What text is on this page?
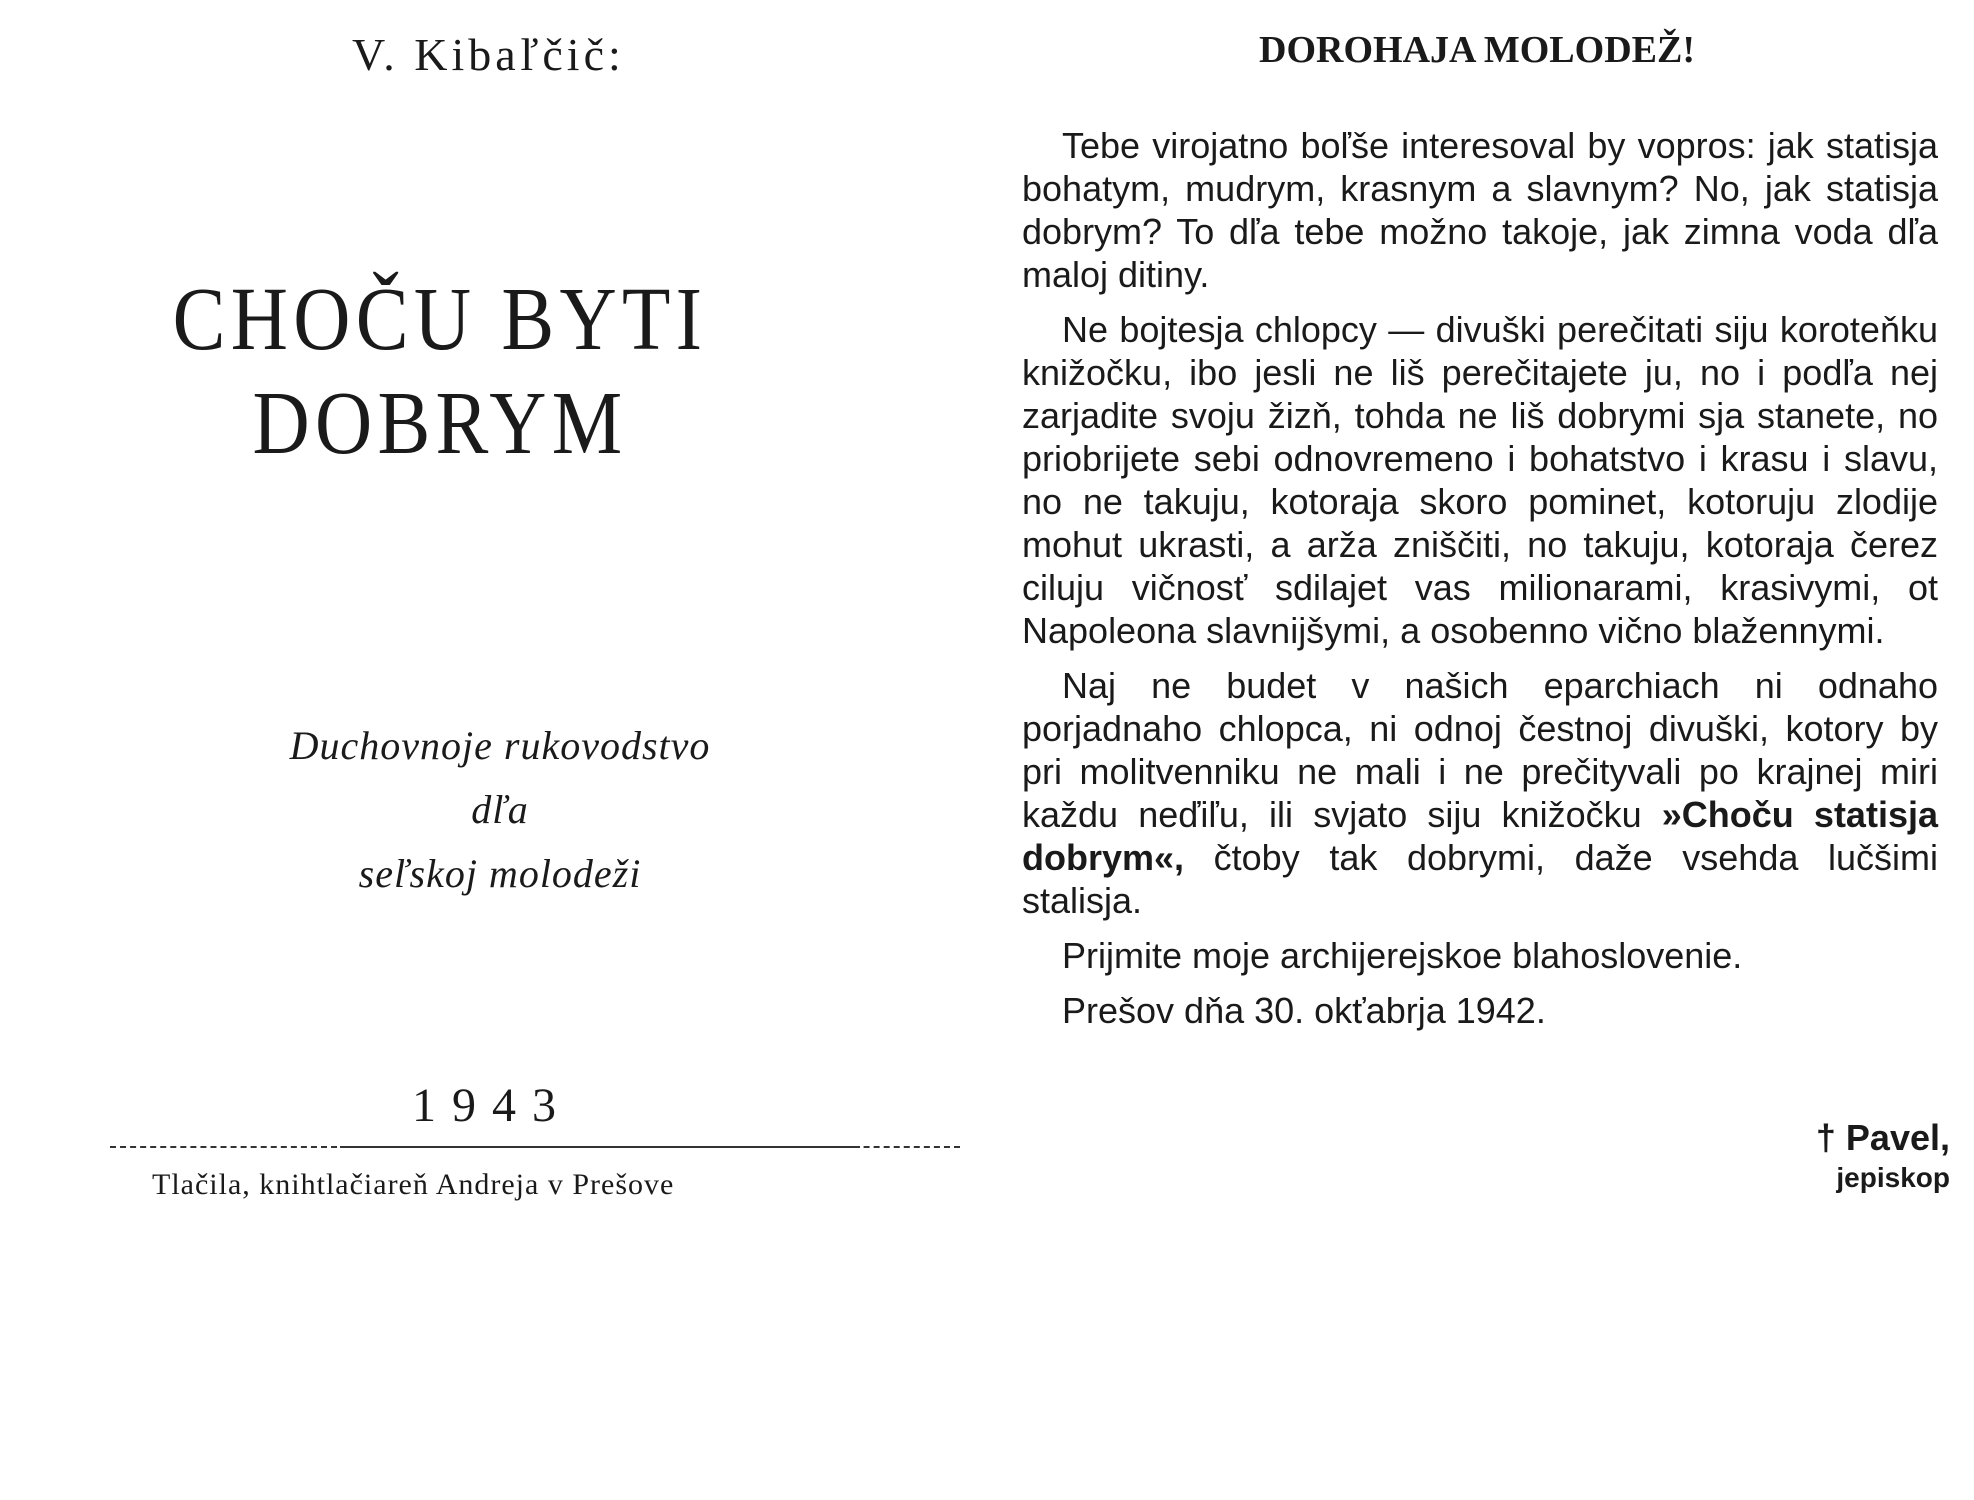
V. Kibaľčič:
CHOČU BYTI
DOBRYM
Duchovnoje rukovodstvo
dľa
seľskoj molodeži
1943
Tlačila, knihtlačiareň Andreja v Prešove
DOROHAJA MOLODEŽ!

Tebe virojatno boľše interesoval by vopros: jak statisja bohatym, mudrym, krasnym a slavnym? No, jak statisja dobrym? To dľa tebe možno takoje, jak zimna voda dľa maloj ditiny.

Ne bojtesja chlopcy — divuški perečitati siju koroteňku knižočku, ibo jesli ne liš perečitajete ju, no i podľa nej zarjadite svoju žizň, tohda ne liš dobrymi sja stanete, no priobrijete sebi odnovremeno i bohatstvo i krasu i slavu, no ne takuju, kotoraja skoro pominet, kotoruju zlodije mohut ukrasti, a arža zniščiti, no takuju, kotoraja čerez ciluju vičnosť sdilajet vas milionarami, krasivymi, ot Napoleona slavnijšymi, a osobenno vično blažennymi.

Naj ne budet v našich eparchiach ni odnaho porjadnaho chlopca, ni odnoj čestnoj divuški, kotory by pri molitvenniku ne mali i ne prečityvali po krajnej miri každu neďiľu, ili svjato siju knižočku »Choču statisja dobrym«, čtoby tak dobrymi, daže vsehda lučšimi stalisja.

Prijmite moje archijerejskoe blahoslovenie.

Prešov dňa 30. okťabrja 1942.

† Pavel,
jepiskop
